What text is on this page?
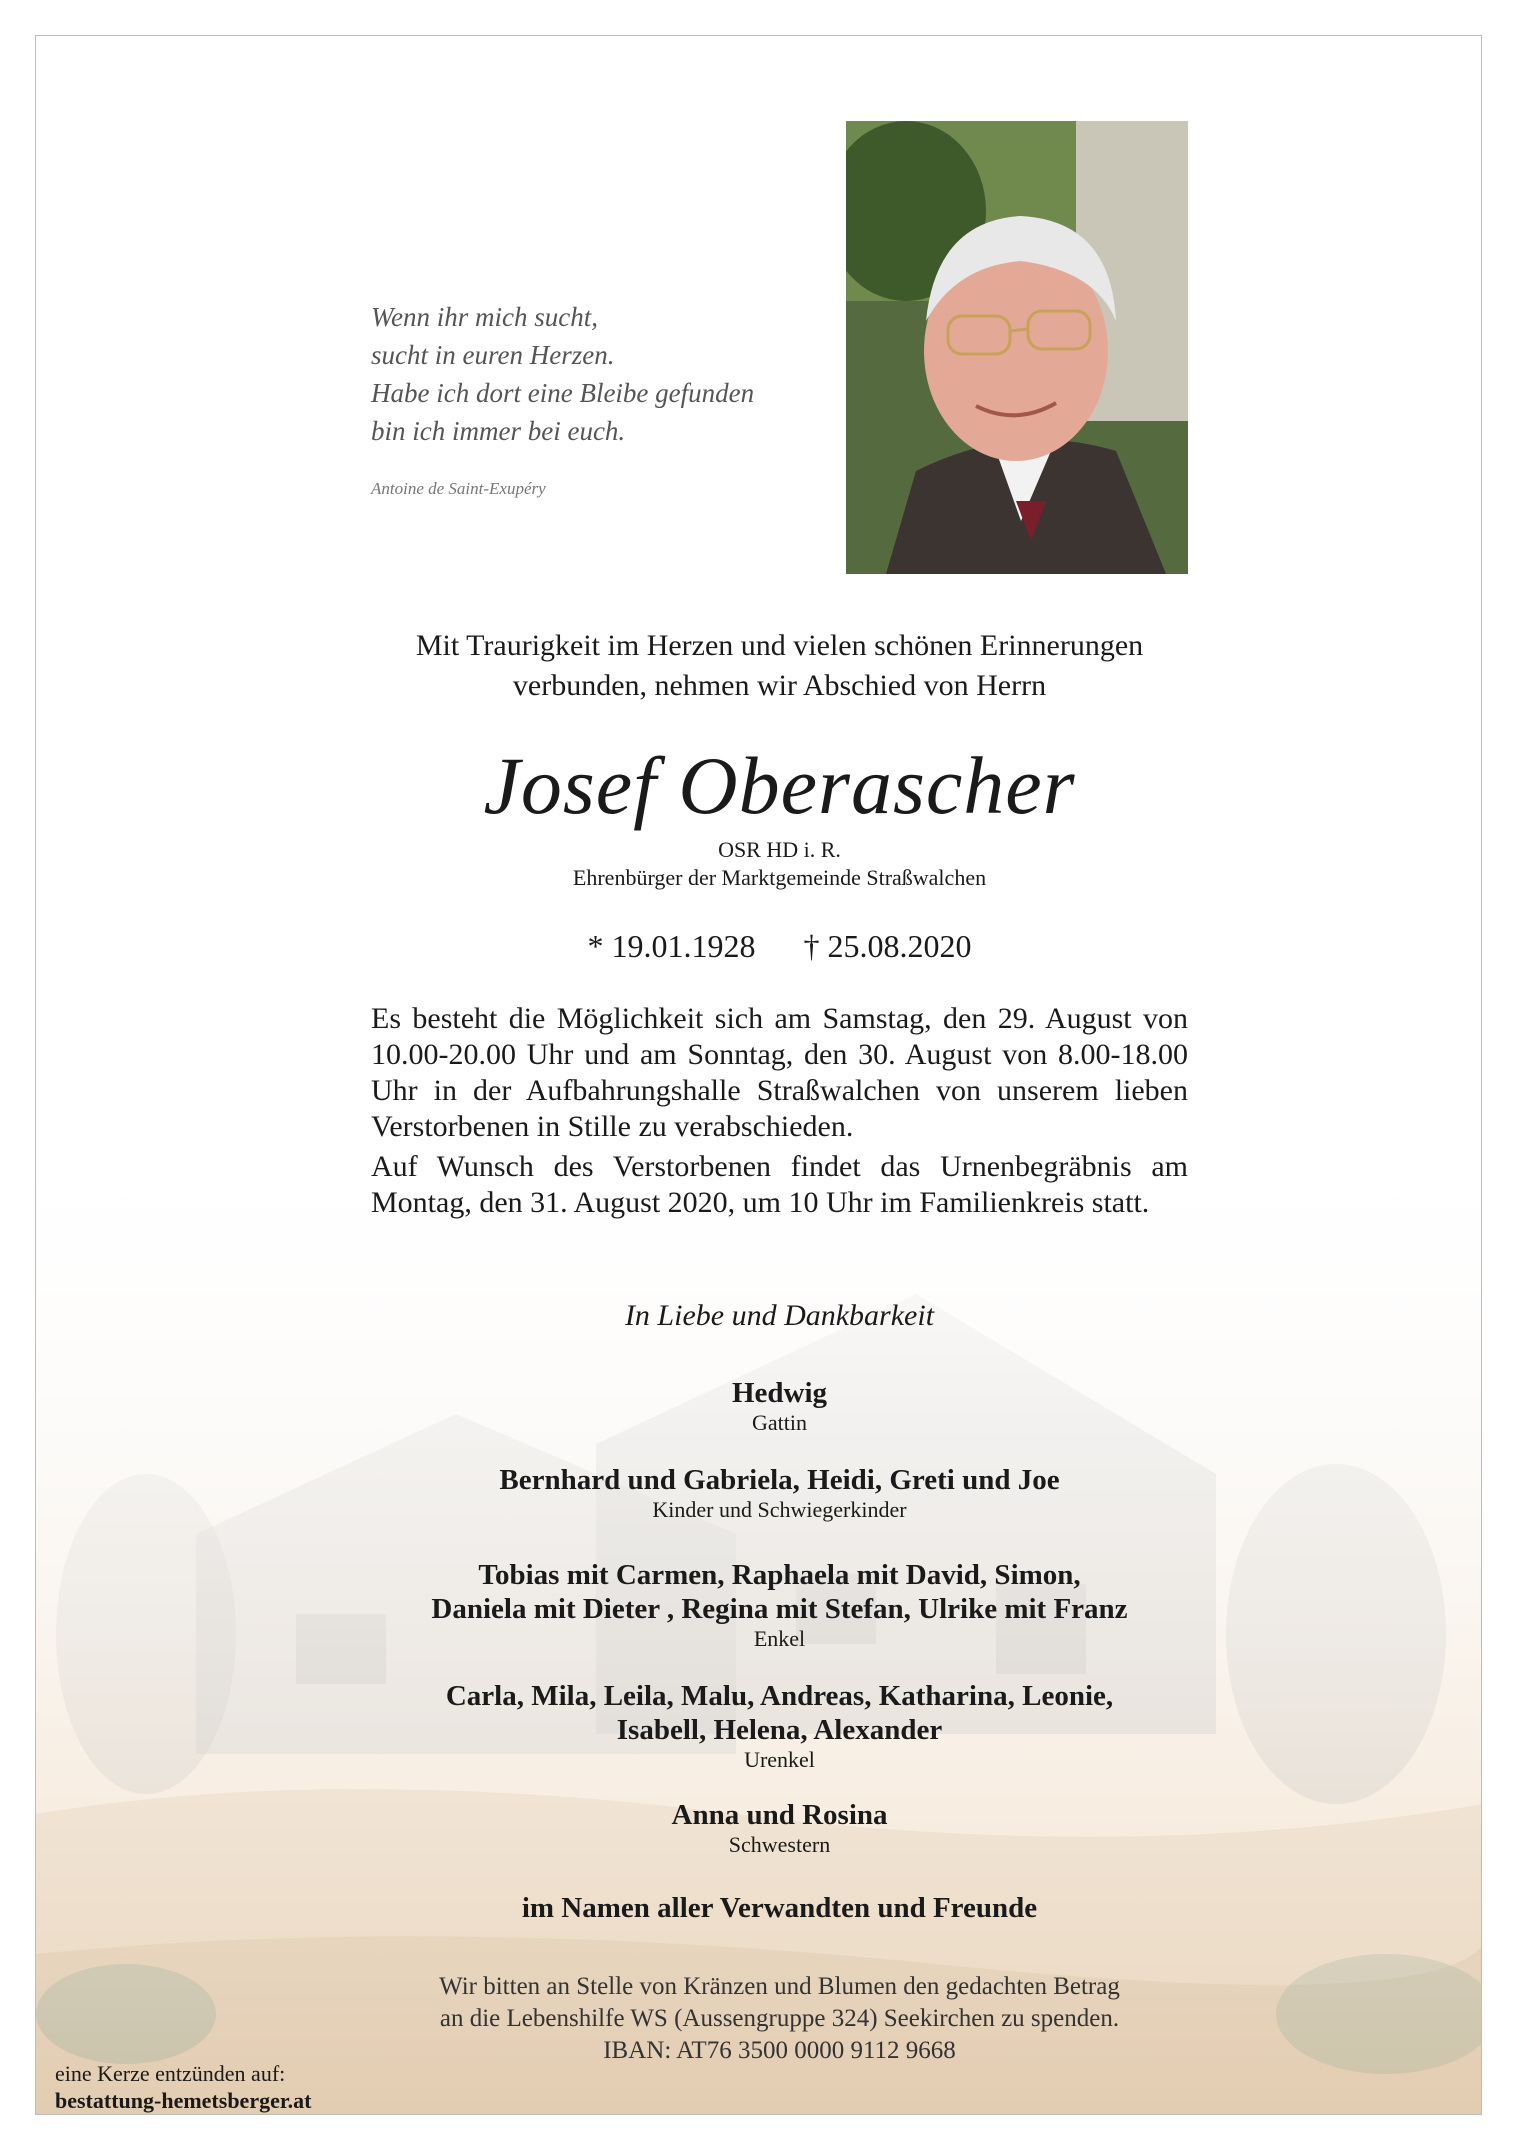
Wenn ihr mich sucht,
sucht in euren Herzen.
Habe ich dort eine Bleibe gefunden
bin ich immer bei euch.
Antoine de Saint-Exupéry
Mit Traurigkeit im Herzen und vielen schönen Erinnerungen
verbunden, nehmen wir Abschied von Herrn
Josef Oberascher
OSR HD i. R.
Ehrenbürger der Marktgemeinde Straßwalchen
* 19.01.1928 † 25.08.2020
Es besteht die Möglichkeit sich am Samstag, den 29. August von 10.00-20.00 Uhr und am Sonntag, den 30. August von 8.00-18.00 Uhr in der Aufbahrungshalle Straßwalchen von unserem lieben Verstorbenen in Stille zu verabschieden.
Auf Wunsch des Verstorbenen findet das Urnenbegräbnis am Montag, den 31. August 2020, um 10 Uhr im Familienkreis statt.
In Liebe und Dankbarkeit
Hedwig
Gattin
Bernhard und Gabriela, Heidi, Greti und Joe
Kinder und Schwiegerkinder
Tobias mit Carmen, Raphaela mit David, Simon,
Daniela mit Dieter , Regina mit Stefan, Ulrike mit Franz
Enkel
Carla, Mila, Leila, Malu, Andreas, Katharina, Leonie,
Isabell, Helena, Alexander
Urenkel
Anna und Rosina
Schwestern
im Namen aller Verwandten und Freunde
Wir bitten an Stelle von Kränzen und Blumen den gedachten Betrag
an die Lebenshilfe WS (Aussengruppe 324) Seekirchen zu spenden.
IBAN: AT76 3500 0000 9112 9668
eine Kerze entzünden auf:
bestattung-hemetsberger.at
